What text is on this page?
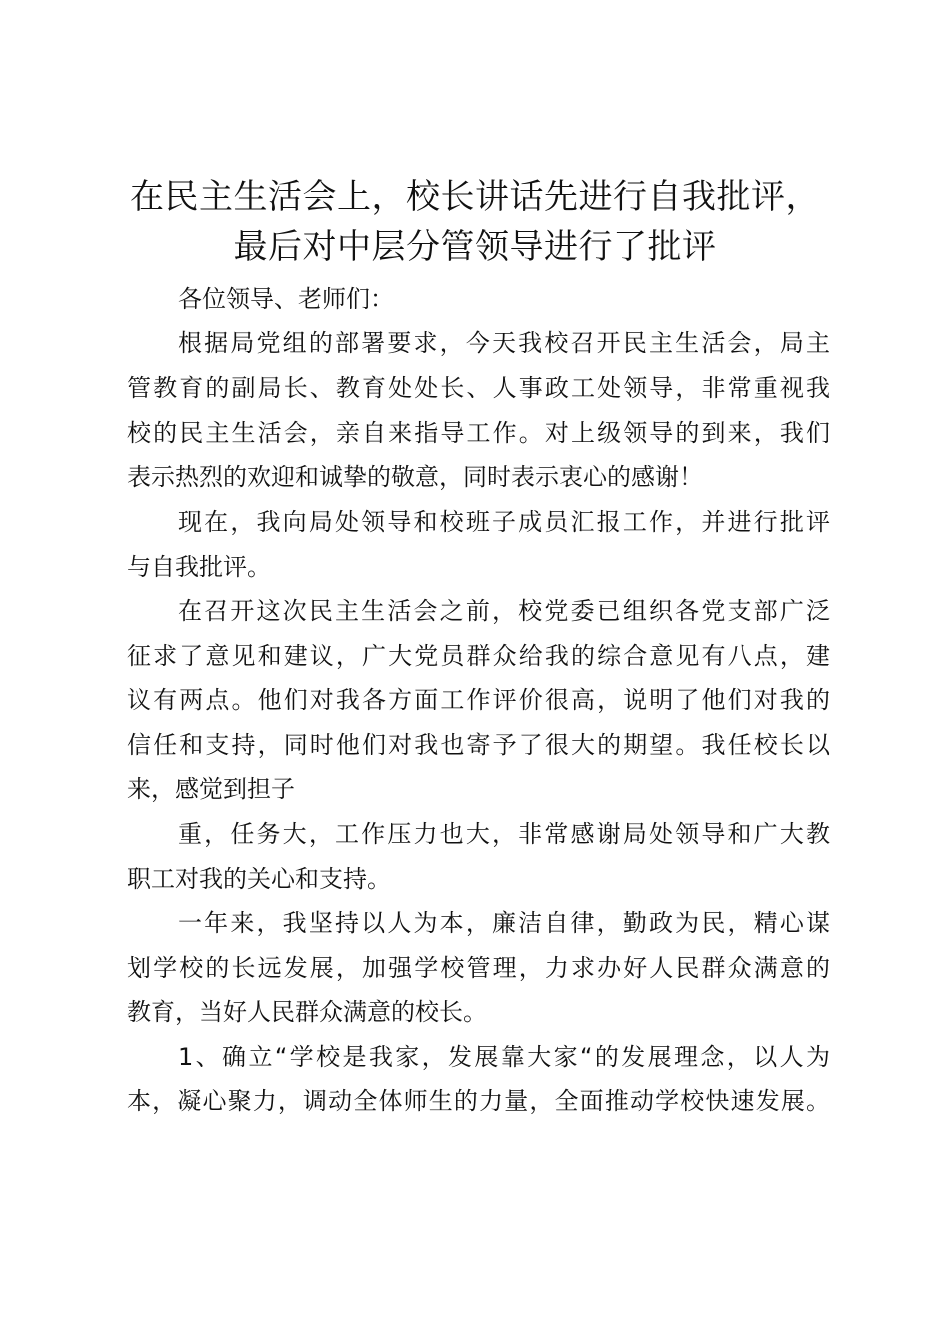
在民主生活会上，校长讲话先进行自我批评，
最后对中层分管领导进行了批评
各位领导、老师们：
根据局党组的部署要求，今天我校召开民主生活会，局主
管教育的副局长、教育处处长、人事政工处领导，非常重视我
校的民主生活会，亲自来指导工作。对上级领导的到来，我们
表示热烈的欢迎和诚挚的敬意，同时表示衷心的感谢！
现在，我向局处领导和校班子成员汇报工作，并进行批评
与自我批评。
在召开这次民主生活会之前，校党委已组织各党支部广泛
征求了意见和建议，广大党员群众给我的综合意见有八点，建
议有两点。他们对我各方面工作评价很高，说明了他们对我的
信任和支持，同时他们对我也寄予了很大的期望。我任校长以
来，感觉到担子
重，任务大，工作压力也大，非常感谢局处领导和广大教
职工对我的关心和支持。
一年来，我坚持以人为本，廉洁自律，勤政为民，精心谋
划学校的长远发展，加强学校管理，力求办好人民群众满意的
教育，当好人民群众满意的校长。
1、确立“学校是我家，发展靠大家“的发展理念，以人为
本，凝心聚力，调动全体师生的力量，全面推动学校快速发展。
